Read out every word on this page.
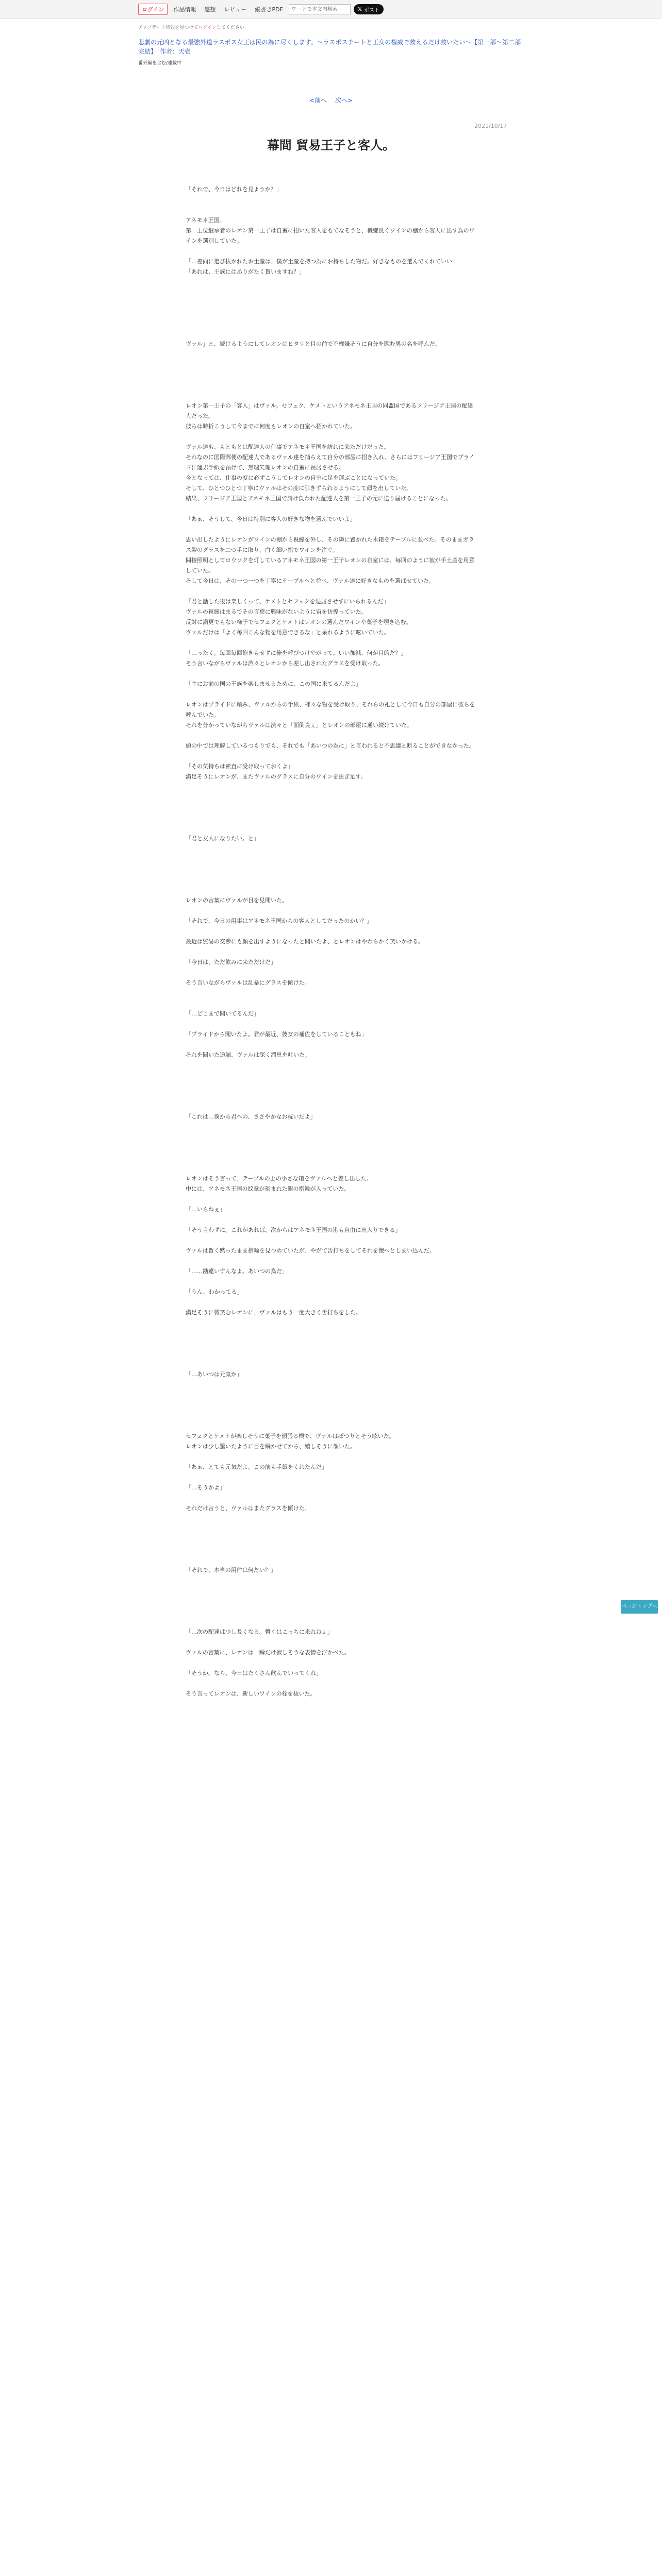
ログイン	作品情報	感想	レビュー	縦書きPDF
ワードで本文内検索	𝕏 ポスト
アップデート情報を見つけてログインしてください
悲劇の元凶となる最強外道ラスボス女王は民の為に尽くします。〜ラスボスチートと王女の権威で救えるだけ救いたい〜【第一部〜第二部完結】　作者：天壱
番外編を含む/連載中
<前へ 次へ>
2021/10/17
幕間 貿易王子と客人。

「それで、今日はどれを見ようか？」

アネモネ王国。

第一王位継承者のレオン第一王子は自室に招いた客人をもてなそうと、機嫌良くワインの棚から客人に出す為のワインを選別していた。

「…差向に選び抜かれたお土産は、僕が土産を持つ為にお持ちした物だ。好きなものを選んでくれていい」

「あれは、王族にはありがたく貰いますね？」

ヴァル」と、続けるようにしてレオンはヒタリと目の前で不機嫌そうに自分を睨む男の名を呼んだ。

レオン第一王子の「客人」はヴァル。セフェク、ケメトというアネモネ王国の同盟国であるフリージア王国の配達人だった。

彼らは時折こうして今までに何度もレオンの自室へ招かれていた。

ヴァル達も、もともとは配達人の仕事でアネモネ王国を訪れに来ただけだった。

それなのに国際郵便の配達人であるヴァル達を捕らえて自分の部屋に招き入れ、さらにはフリージア王国でプライドに運ぶ手紙を預けて、無理矢理レオンの自室に長居させる。

今となっては、仕事の度に必ずこうしてレオンの自室に足を運ぶことになっていた。

そして、ひとつひとつ丁寧にヴァルはその度に引きずられるようにして顔を出していた。

結果、フリージア王国とアネモネ王国で請け負われた配達人を第一王子の元に送り届けることになった。

「あぁ、そうして、今日は特別に客人の好きな物を選んでいいよ」

思い出したようにレオンがワインの棚から視線を外し、その隣に置かれた木箱をテーブルに並べた。そのままガラス製のグラスを二つ手に取り、白く細い指でワインを注ぐ。

間接照明としてロウソクを灯しているアネモネ王国の第一王子レオンの自室には、毎回のように彼が手土産を用意していた。

そして今日は、その一つ一つを丁寧にテーブルへと並べ、ヴァル達に好きなものを選ばせていた。

「君と話した後は楽しくって、ケメトとセフェクを退屈させずにいられるんだ」

ヴァルの視線はまるでその言葉に興味がないように宙を彷徨っていた。

反対に満更でもない様子でセフェクとケメトはレオンの選んだワインや菓子を覗き込む。

ヴァルだけは「よく毎回こんな物を用意できるな」と呆れるように呟いていた。

「…ったく。毎回毎回飽きもせずに俺を呼びつけやがって。いい加減、何が目的だ？」

そう言いながらヴァルは渋々とレオンから差し出されたグラスを受け取った。

「主にお前の国の王族を楽しませるために、この国に来てるんだよ」

レオンはプライドに頼み、ヴァルからの手紙、様々な物を受け取り、それらの礼として今日も自分の部屋に彼らを呼んでいた。

それを分かっていながらヴァルは渋々と「面倒臭ぇ」とレオンの部屋に通い続けていた。

頭の中では理解しているつもりでも、それでも「あいつの為に」と言われると不思議と断ることができなかった。

「その気持ちは素直に受け取っておくよ」

満足そうにレオンが、またヴァルのグラスに自分のワインを注ぎ足す。

「君と友人になりたい。と」

レオンの言葉にヴァルが目を見開いた。

「それで、今日の用事はアネモネ王国からの客人としてだったのかい？」

最近は貿易の交渉にも顔を出すようになったと聞いたよ、とレオンはやわらかく笑いかける。

「今日は、ただ飲みに来ただけだ」

そう言いながらヴァルは乱暴にグラスを傾けた。

「…どこまで聞いてるんだ」

「プライドから聞いたよ。君が最近、彼女の補佐をしていることもね」

それを聞いた途端、ヴァルは深く溜息を吐いた。

「これは…僕から君への、ささやかなお祝いだよ」

レオンはそう言って、テーブルの上の小さな箱をヴァルへと差し出した。

中には、アネモネ王国の紋章が刻まれた銀の指輪が入っていた。

「…いらねぇ」

「そう言わずに。これがあれば、次からはアネモネ王国の港も自由に出入りできる」

ヴァルは暫く黙ったまま指輪を見つめていたが、やがて舌打ちをしてそれを懐へとしまい込んだ。

「……勘違いすんなよ。あいつの為だ」

「うん、わかってる」

満足そうに微笑むレオンに、ヴァルはもう一度大きく舌打ちをした。

「…あいつは元気か」

セフェクとケメトが楽しそうに菓子を頬張る横で、ヴァルはぽつりとそう呟いた。

レオンは少し驚いたように目を瞬かせてから、嬉しそうに頷いた。

「あぁ、とても元気だよ。この前も手紙をくれたんだ」

「…そうかよ」

それだけ言うと、ヴァルはまたグラスを傾けた。

「それで、本当の用件は何だい？」

「…次の配達は少し長くなる。暫くはこっちに来れねぇ」

ヴァルの言葉に、レオンは一瞬だけ寂しそうな表情を浮かべた。

「そうか。なら、今日はたくさん飲んでいってくれ」

そう言ってレオンは、新しいワインの栓を抜いた。

ページトップへ
